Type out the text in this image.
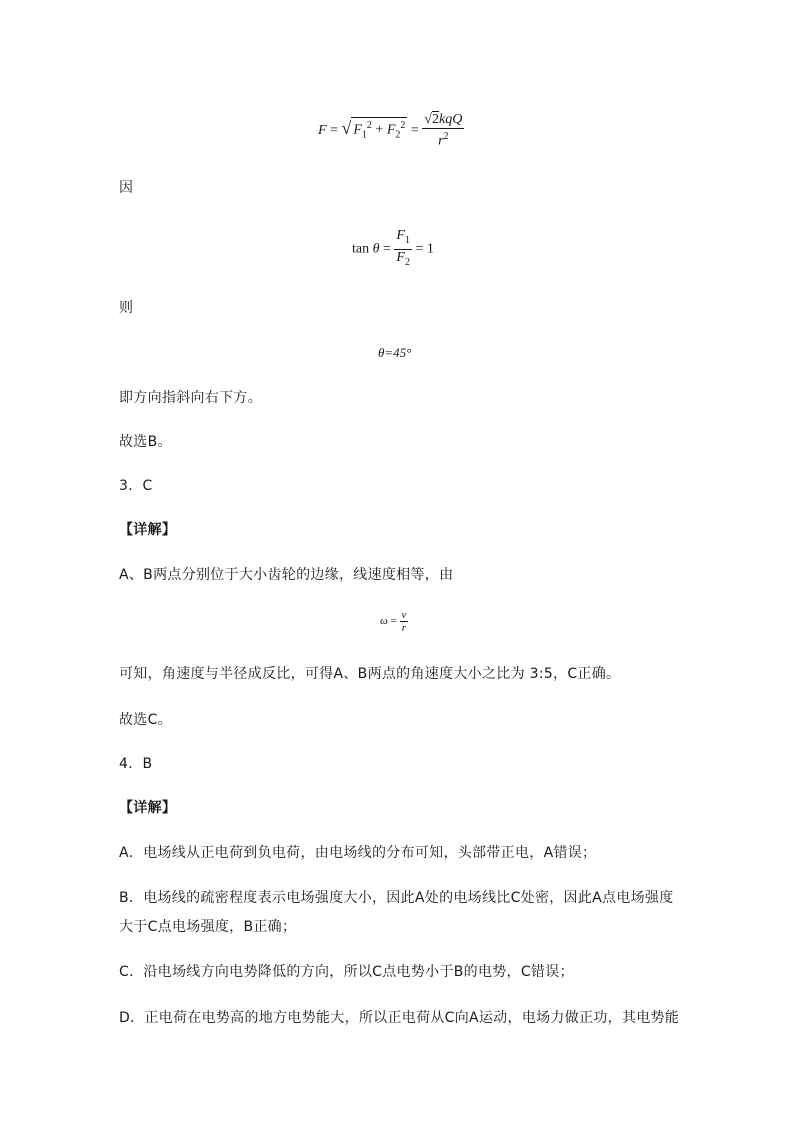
F = √ $F_1^2 + F_2^2 = \frac{\text{√2kqQ}}{r^2}$
因
$\tan \theta = \frac{F_1}{F_2} = 1$
则
θ=45°
即方向指斜向右下方。
故选B。
3．C
【详解】
A、B两点分别位于大小齿轮的边缘，线速度相等，由
$\omega = \frac{v}{r}$
可知，角速度与半径成反比，可得A、B两点的角速度大小之比为 3:5，C正确。
故选C。
4．B
【详解】
A．电场线从正电荷到负电荷，由电场线的分布可知，头部带正电，A错误；
B．电场线的疏密程度表示电场强度大小，因此A处的电场线比C处密，因此A点电场强度
大于C点电场强度，B正确；
C．沿电场线方向电势降低的方向，所以C点电势小于B的电势，C错误；
D．正电荷在电势高的地方电势能大，所以正电荷从C向A运动，电场力做正功，其电势能
